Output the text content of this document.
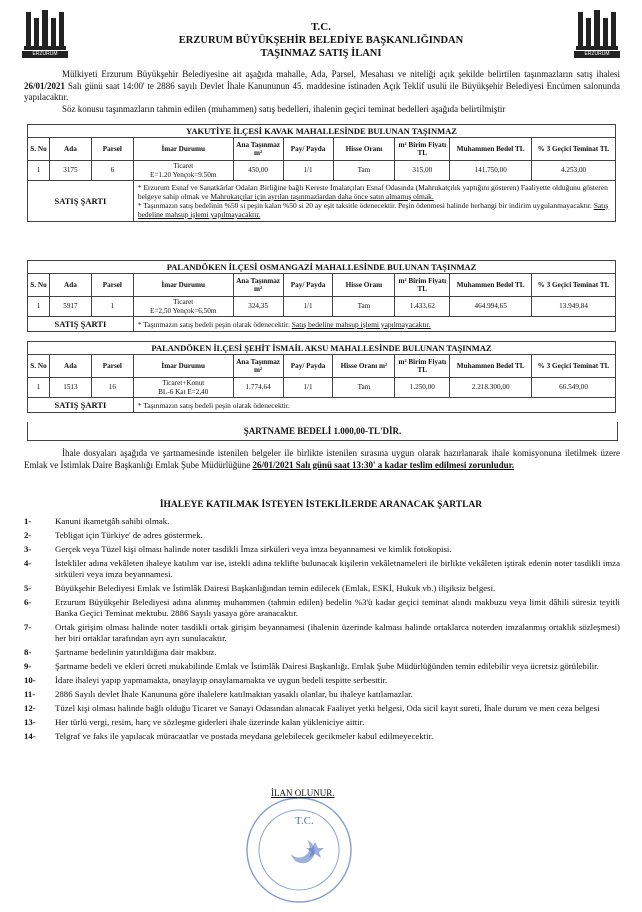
ERZURUM	ERZURUM
T.C.
ERZURUM BÜYÜKŞEHİR BELEDİYE BAŞKANLIĞINDAN
TAŞINMAZ SATIŞ İLANI

Mülkiyeti Erzurum Büyükşehir Belediyesine ait aşağıda mahalle, Ada, Parsel, Mesahası ve niteliği açık şekilde belirtilen taşınmazların satış ihalesi 26/01/2021 Salı günü saat 14:00' te 2886 sayılı Devlet İhale Kanununun 45. maddesine istinaden Açık Teklif usulü ile Büyükşehir Belediyesi Encümen salonunda yapılacaktır.

Söz konusu taşınmazların tahmin edilen (muhammen) satış bedelleri, ihalenin geçici teminat bedelleri aşağıda belirtilmiştir

YAKUTİYE İLÇESİ KAVAK MAHALLESİNDE BULUNAN TAŞINMAZ									
S. No	Ada	Parsel	İmar Durumu	Ana Taşınmaz m²	Pay/ Payda	Hisse Oranı	m² Birim Fiyatı TL	Muhammen Bedel TL	% 3 Geçici Teminat TL
1	3175	6	Ticaret
E=1.20 Yençok=9.50m	450,00	1/1	Tam	315,00	141.750,00	4.253,00
SATIŞ ŞARTI			* Erzurum Esnaf ve Sanatkârlar Odaları Birliğine bağlı Kereste İmalatçıları Esnaf Odasında (Mahrukatçılık yaptığını gösteren) Faaliyette olduğunu gösteren belgeye sahip olmak ve Mahrukatçılar için ayrılan taşınmazlardan daha önce satın almamış olmak.
* Taşınmazın satış bedelinin %50 si peşin kalan %50 si 20 ay eşit taksitle ödenecektir. Peşin ödenmesi halinde herhangi bir indirim uygulanmayacaktır. Satış bedeline mahsup işlemi yapılmayacaktır.						
PALANDÖKEN İLÇESİ OSMANGAZİ MAHALLESİNDE BULUNAN TAŞINMAZ									
S. No	Ada	Parsel	İmar Durumu	Ana Taşınmaz m²	Pay/ Payda	Hisse Oranı	m² Birim Fiyatı TL	Muhammen Bedel TL	% 3 Geçici Teminat TL
1	5917	1	Ticaret
E=2,50 Yençok=6,50m	324,35	1/1	Tam	1.433,62	464.994,65	13.949,84
SATIŞ ŞARTI			* Taşınmazın satış bedeli peşin olarak ödenecektir. Satış bedeline mahsup işlemi yapılmayacaktır.						
PALANDÖKEN İLÇESİ ŞEHİT İSMAİL AKSU MAHALLESİNDE BULUNAN TAŞINMAZ									
S. No	Ada	Parsel	İmar Durumu	Ana Taşınmaz m²	Pay/ Payda	Hisse Oranı m²	m² Birim Fiyatı TL	Muhammen Bedel TL	% 3 Geçici Teminat TL
1	1513	16	Ticaret+Konut
BL-6 Kat E=2,40	1.774,64	1/1	Tam	1.250,00	2.218.300,00	66.549,00
SATIŞ ŞARTI			* Taşınmazın satış bedeli peşin olarak ödenecektir.						
ŞARTNAME BEDELİ 1.000,00-TL'DİR.
İhale dosyaları aşağıda ve şartnamesinde istenilen belgeler ile birlikte istenilen sırasına uygun olarak hazırlanarak ihale komisyonuna iletilmek üzere Emlak ve İstimlak Daire Başkanlığı Emlak Şube Müdürlüğüne 26/01/2021 Salı günü saat 13:30' a kadar teslim edilmesi zorunludur.
İHALEYE KATILMAK İSTEYEN İSTEKLİLERDE ARANACAK ŞARTLAR
1-	Kanuni ikametgâh sahibi olmak.
2-	Tebligat için Türkiye' de adres göstermek.
3-	Gerçek veya Tüzel kişi olması halinde noter tasdikli İmza sirküleri veya imza beyannamesi ve kimlik fotokopisi.
4-	İstekliler adına vekâleten ihaleye katılım var ise, istekli adına teklifte bulunacak kişilerin vekâletnameleri ile birlikte vekâleten iştirak edenin noter tasdikli imza sirküleri veya imza beyannamesi.
5-	Büyükşehir Belediyesi Emlak ve İstimlâk Dairesi Başkanlığından temin edilecek (Emlak, ESKİ, Hukuk vb.) ilişiksiz belgesi.
6-	Erzurum Büyükşehir Belediyesi adına alınmış muhammen (tahmin edilen) bedelin %3'ü kadar geçici teminat alındı makbuzu veya limit dâhili süresiz teyitli Banka Geçici Teminat mektubu. 2886 Sayılı yasaya göre aranacaktır.
7-	Ortak girişim olması halinde noter tasdikli ortak girişim beyannamesi (ihalenin üzerinde kalması halinde ortaklarca noterden imzalanmış ortaklık sözleşmesi) her biri ortaklar tarafından ayrı ayrı sunulacaktır.
8-	Şartname bedelinin yatırıldığına dair makbuz.
9-	Şartname bedeli ve ekleri ücreti mukabilinde Emlak ve İstimlâk Dairesi Başkanlığı. Emlak Şube Müdürlüğünden temin edilebilir veya ücretsiz görülebilir.
10- İdare ihaleyi yapıp yapmamakta, onaylayıp onaylamamakta ve uygun bedeli tespitte serbesttir.
11- 2886 Sayılı devlet İhale Kanununa göre ihalelere katılmaktan yasaklı olanlar, bu ihaleye katılamazlar.
12- Tüzel kişi olması halinde bağlı olduğu Ticaret ve Sanayi Odasından alınacak Faaliyet yetki belgesi, Oda sicil kayıt sureti, İhale durum ve men ceza belgesi
13- Her türlü vergi, resim, harç ve sözleşme giderleri ihale üzerinde kalan yükleniciye aittir.
14- Telgraf ve faks ile yapılacak müracaatlar ve postada meydana gelebilecek gecikmeler kabul edilmeyecektir.
T.C.
İLAN OLUNUR.
